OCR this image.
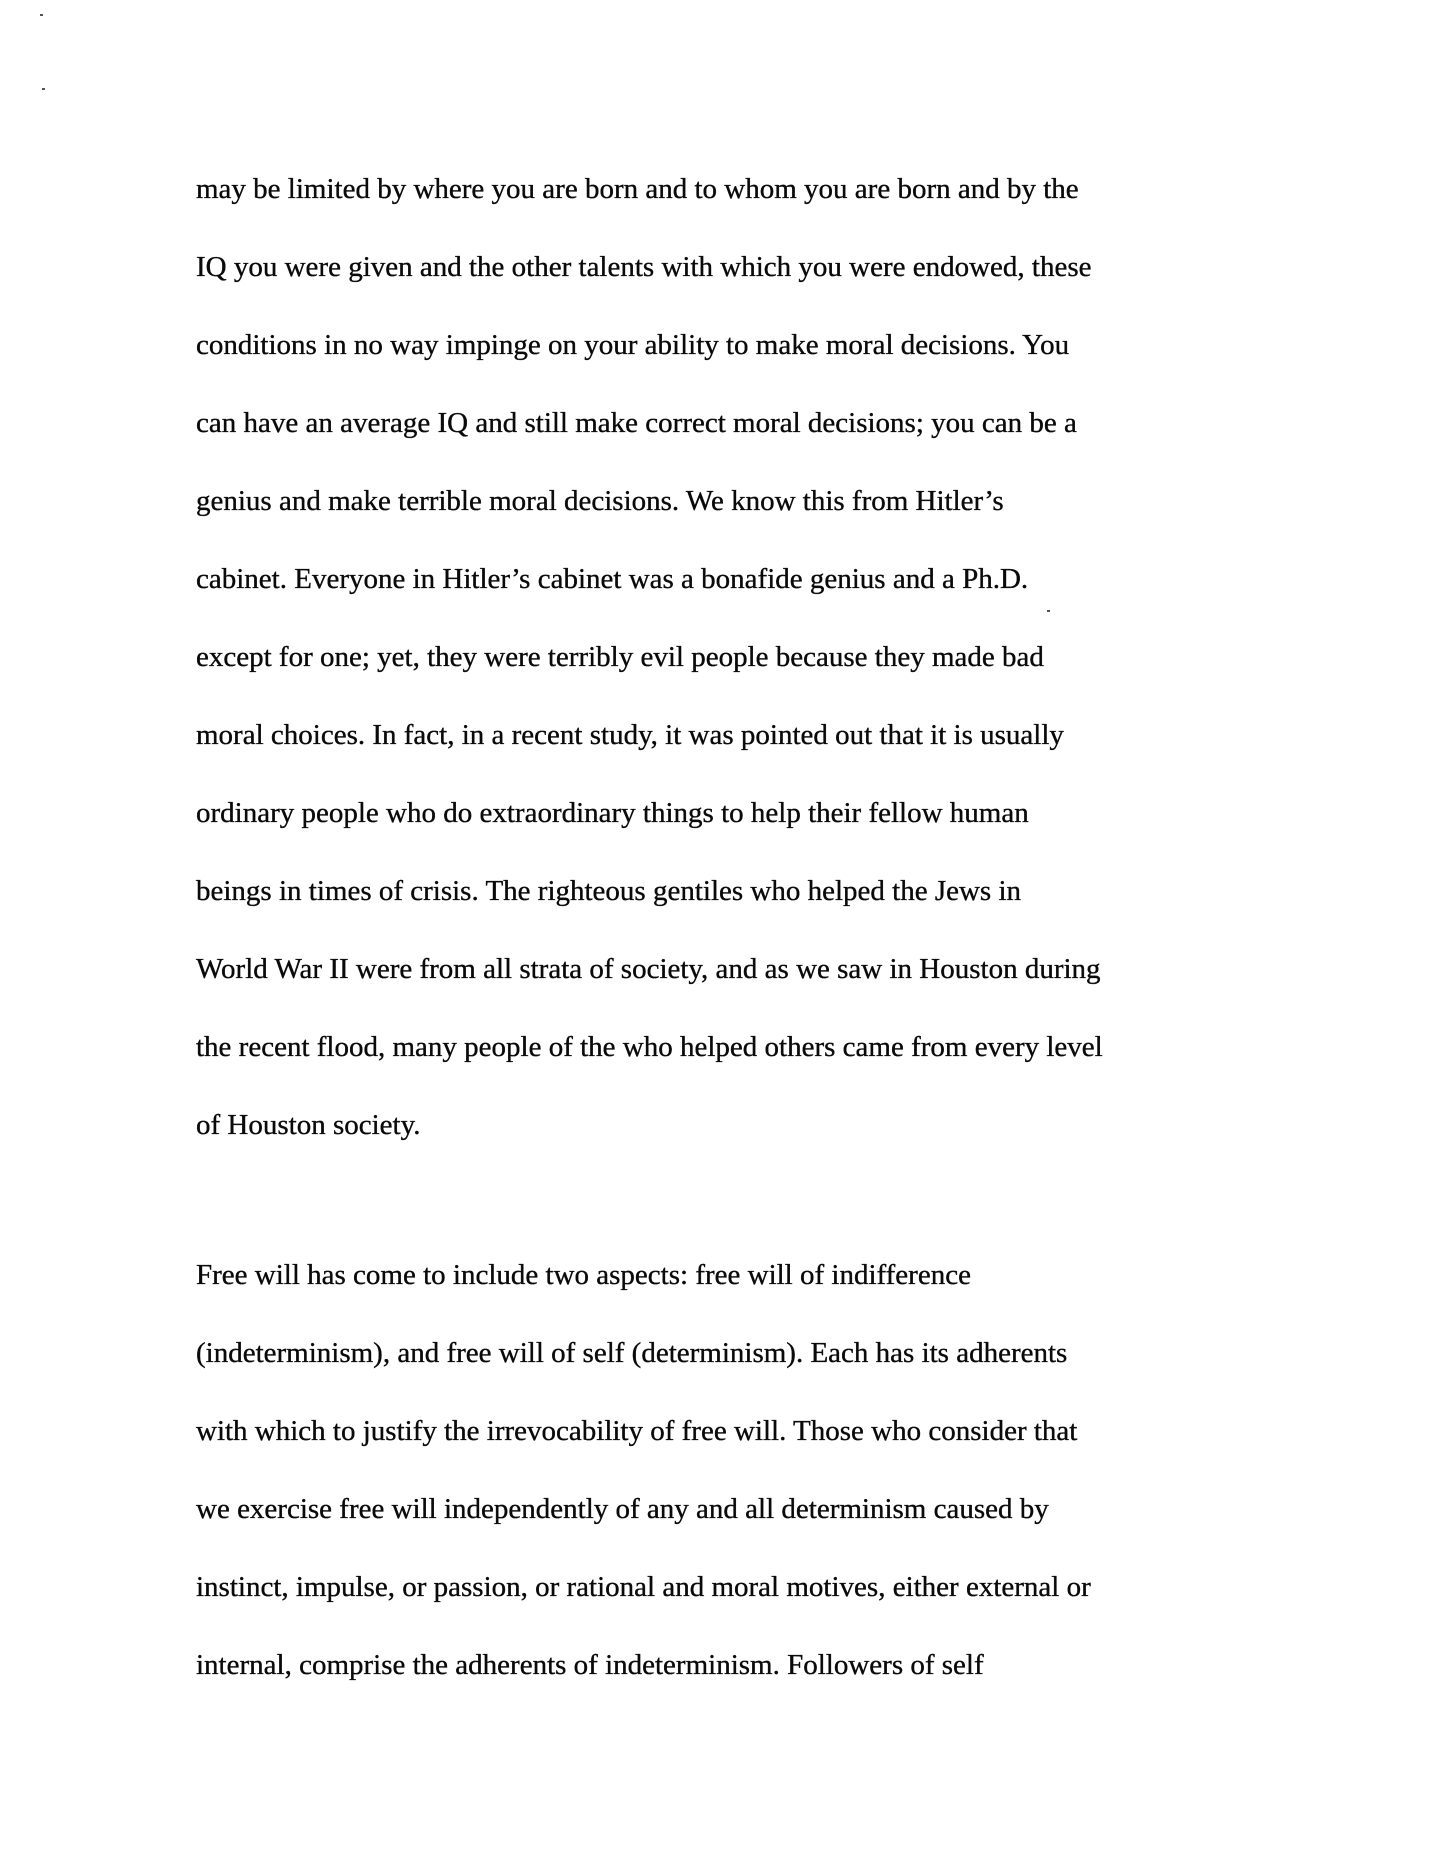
may be limited by where you are born and to whom you are born and by the
IQ you were given and the other talents with which you were endowed, these
conditions in no way impinge on your ability to make moral decisions. You
can have an average IQ and still make correct moral decisions; you can be a
genius and make terrible moral decisions. We know this from Hitler’s
cabinet. Everyone in Hitler’s cabinet was a bonafide genius and a Ph.D.
except for one; yet, they were terribly evil people because they made bad
moral choices. In fact, in a recent study, it was pointed out that it is usually
ordinary people who do extraordinary things to help their fellow human
beings in times of crisis. The righteous gentiles who helped the Jews in
World War II were from all strata of society, and as we saw in Houston during
the recent flood, many people of the who helped others came from every level
of Houston society.
Free will has come to include two aspects: free will of indifference
(indeterminism), and free will of self (determinism). Each has its adherents
with which to justify the irrevocability of free will. Those who consider that
we exercise free will independently of any and all determinism caused by
instinct, impulse, or passion, or rational and moral motives, either external or
internal, comprise the adherents of indeterminism. Followers of self
